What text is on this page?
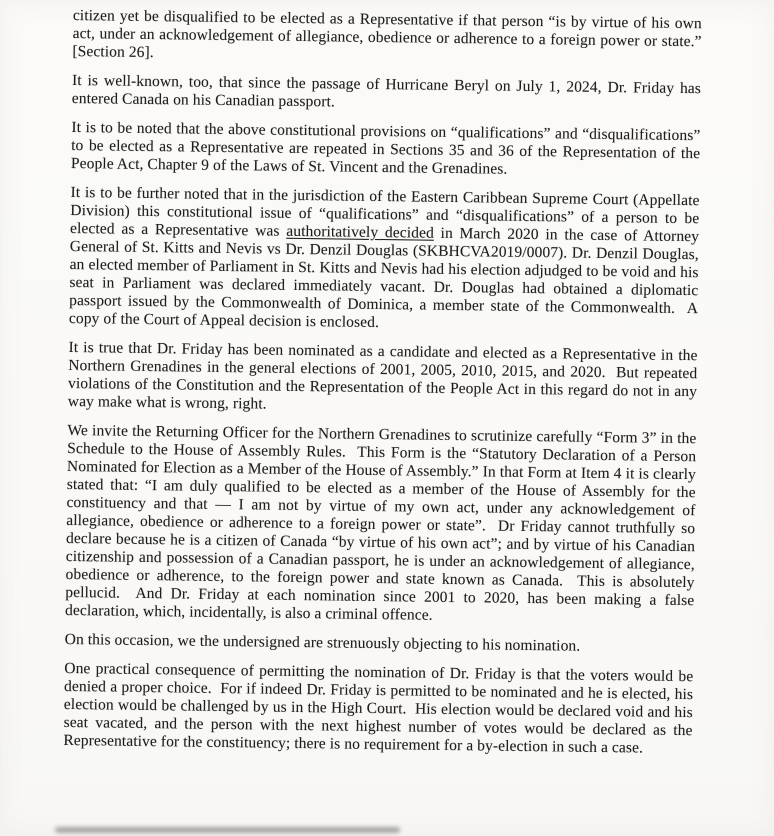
citizen yet be disqualified to be elected as a Representative if that person “is by virtue of his own act, under an acknowledgement of allegiance, obedience or adherence to a foreign power or state.” [Section 26].

It is well-known, too, that since the passage of Hurricane Beryl on July 1, 2024, Dr. Friday has entered Canada on his Canadian passport.

It is to be noted that the above constitutional provisions on “qualifications” and “disqualifications” to be elected as a Representative are repeated in Sections 35 and 36 of the Representation of the People Act, Chapter 9 of the Laws of St. Vincent and the Grenadines.

It is to be further noted that in the jurisdiction of the Eastern Caribbean Supreme Court (Appellate Division) this constitutional issue of “qualifications” and “disqualifications” of a person to be elected as a Representative was authoritatively decided in March 2020 in the case of Attorney General of St. Kitts and Nevis vs Dr. Denzil Douglas (SKBHCVA2019/0007). Dr. Denzil Douglas, an elected member of Parliament in St. Kitts and Nevis had his election adjudged to be void and his seat in Parliament was declared immediately vacant. Dr. Douglas had obtained a diplomatic passport issued by the Commonwealth of Dominica, a member state of the Commonwealth.  A copy of the Court of Appeal decision is enclosed.

It is true that Dr. Friday has been nominated as a candidate and elected as a Representative in the Northern Grenadines in the general elections of 2001, 2005, 2010, 2015, and 2020.  But repeated violations of the Constitution and the Representation of the People Act in this regard do not in any way make what is wrong, right.

We invite the Returning Officer for the Northern Grenadines to scrutinize carefully “Form 3” in the Schedule to the House of Assembly Rules.  This Form is the “Statutory Declaration of a Person Nominated for Election as a Member of the House of Assembly.” In that Form at Item 4 it is clearly stated that: “I am duly qualified to be elected as a member of the House of Assembly for the constituency and that — I am not by virtue of my own act, under any acknowledgement of allegiance, obedience or adherence to a foreign power or state”.  Dr Friday cannot truthfully so declare because he is a citizen of Canada “by virtue of his own act”; and by virtue of his Canadian citizenship and possession of a Canadian passport, he is under an acknowledgement of allegiance, obedience or adherence, to the foreign power and state known as Canada.  This is absolutely pellucid.  And Dr. Friday at each nomination since 2001 to 2020, has been making a false declaration, which, incidentally, is also a criminal offence.

On this occasion, we the undersigned are strenuously objecting to his nomination.

One practical consequence of permitting the nomination of Dr. Friday is that the voters would be denied a proper choice.  For if indeed Dr. Friday is permitted to be nominated and he is elected, his election would be challenged by us in the High Court.  His election would be declared void and his seat vacated, and the person with the next highest number of votes would be declared as the Representative for the constituency; there is no requirement for a by-election in such a case.
